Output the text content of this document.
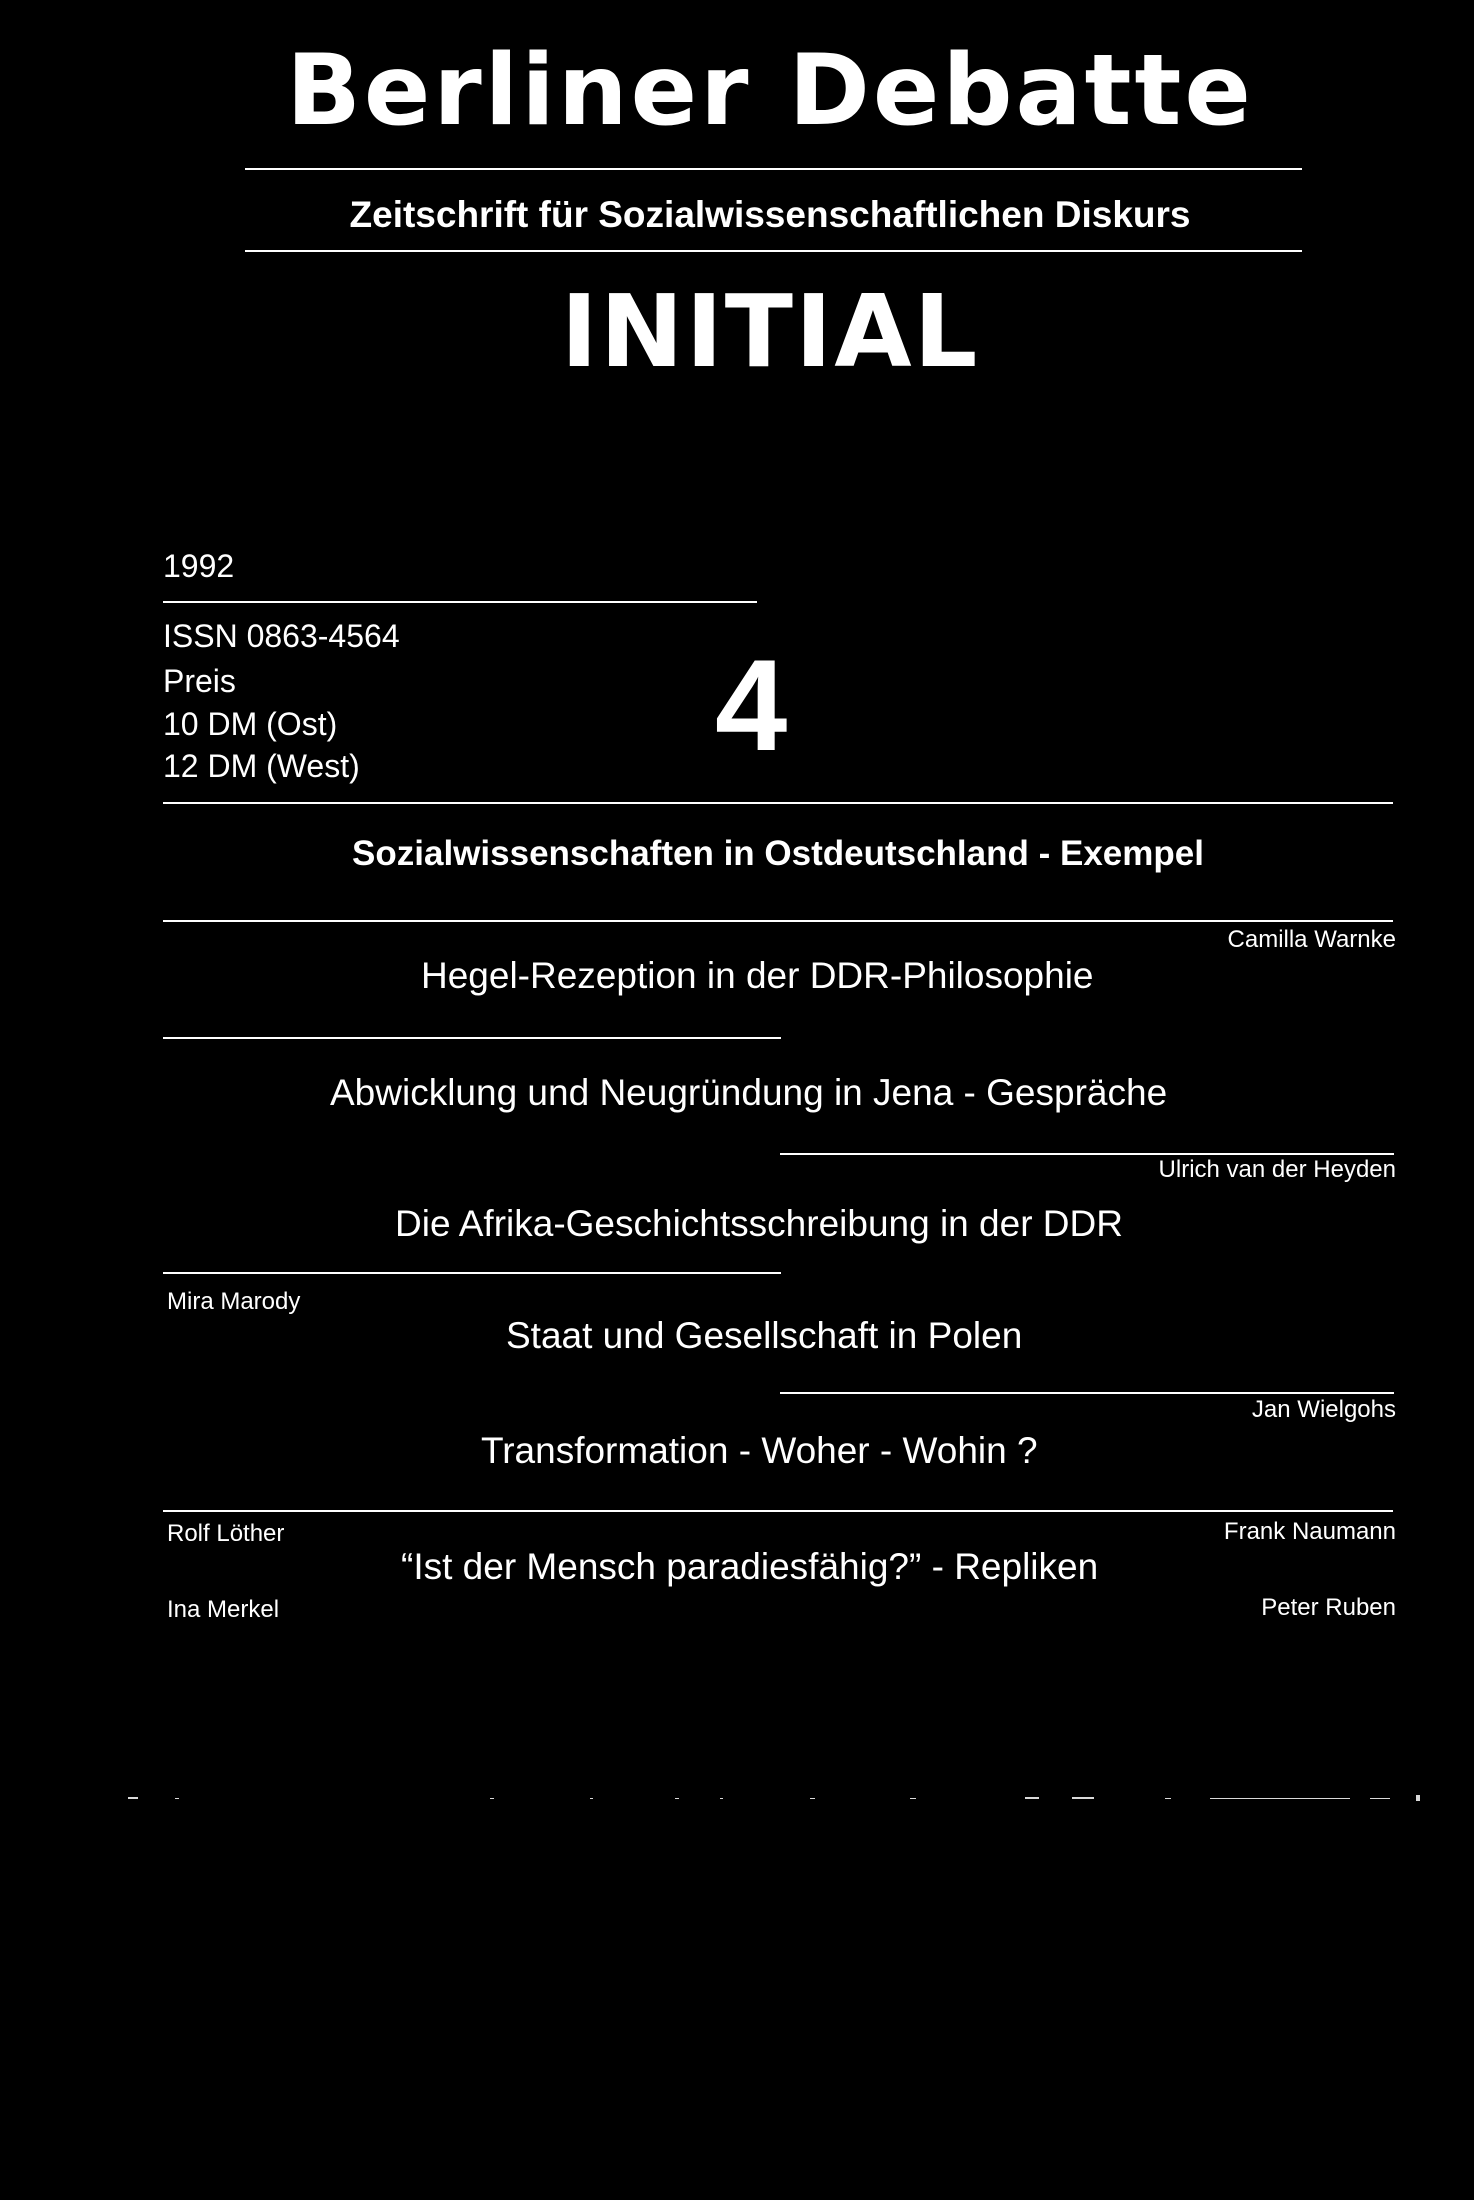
Berliner Debatte
Zeitschrift für Sozialwissenschaftlichen Diskurs
INITIAL
1992
ISSN 0863-4564
Preis
10 DM (Ost)
12 DM (West)	4
Sozialwissenschaften in Ostdeutschland - Exempel
Camilla Warnke
Hegel-Rezeption in der DDR-Philosophie
Abwicklung und Neugründung in Jena - Gespräche
Ulrich van der Heyden
Die Afrika-Geschichtsschreibung in der DDR
Mira Marody
Staat und Gesellschaft in Polen
Jan Wielgohs
Transformation - Woher - Wohin ?
Rolf Löther	Frank Naumann
“Ist der Mensch paradiesfähig?” - Repliken
Ina Merkel	Peter Ruben
